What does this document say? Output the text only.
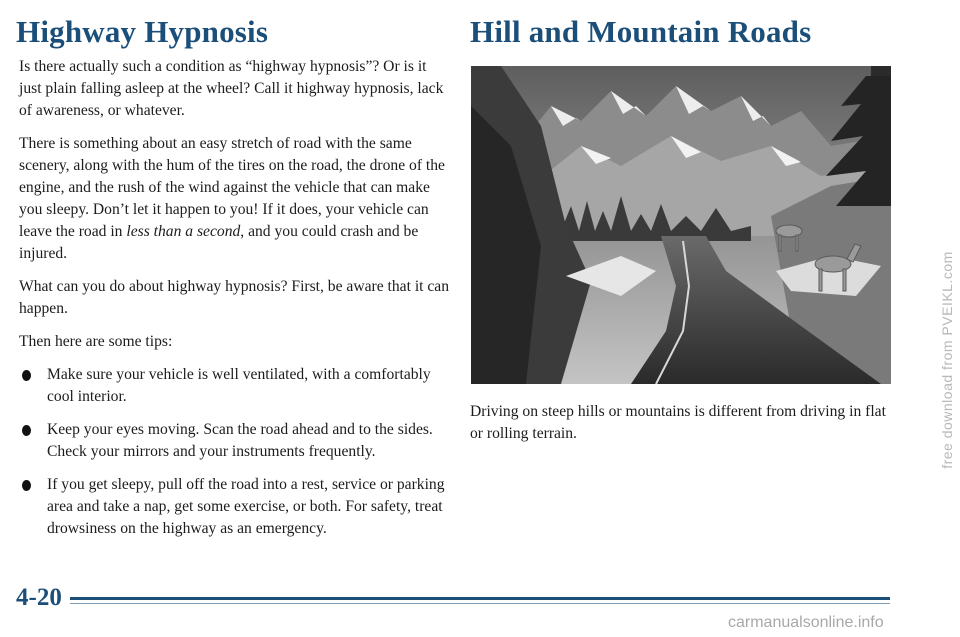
Highway Hypnosis	Hill and Mountain Roads

Is there actually such a condition as “highway hypnosis”? Or is it just plain falling asleep at the wheel? Call it highway hypnosis, lack of awareness, or whatever.

There is something about an easy stretch of road with the same scenery, along with the hum of the tires on the road, the drone of the engine, and the rush of the wind against the vehicle that can make you sleepy. Don’t let it happen to you! If it does, your vehicle can leave the road in less than a second, and you could crash and be injured.

What can you do about highway hypnosis? First, be aware that it can happen.

Then here are some tips:

Make sure your vehicle is well ventilated, with a comfortably cool interior.
Keep your eyes moving. Scan the road ahead and to the sides. Check your mirrors and your instruments frequently.
If you get sleepy, pull off the road into a rest, service or parking area and take a nap, get some exercise, or both. For safety, treat drowsiness on the highway as an emergency.

Driving on steep hills or mountains is different from driving in flat or rolling terrain.

4-20

free download from PVEIKL.com

carmanualsonline.info
